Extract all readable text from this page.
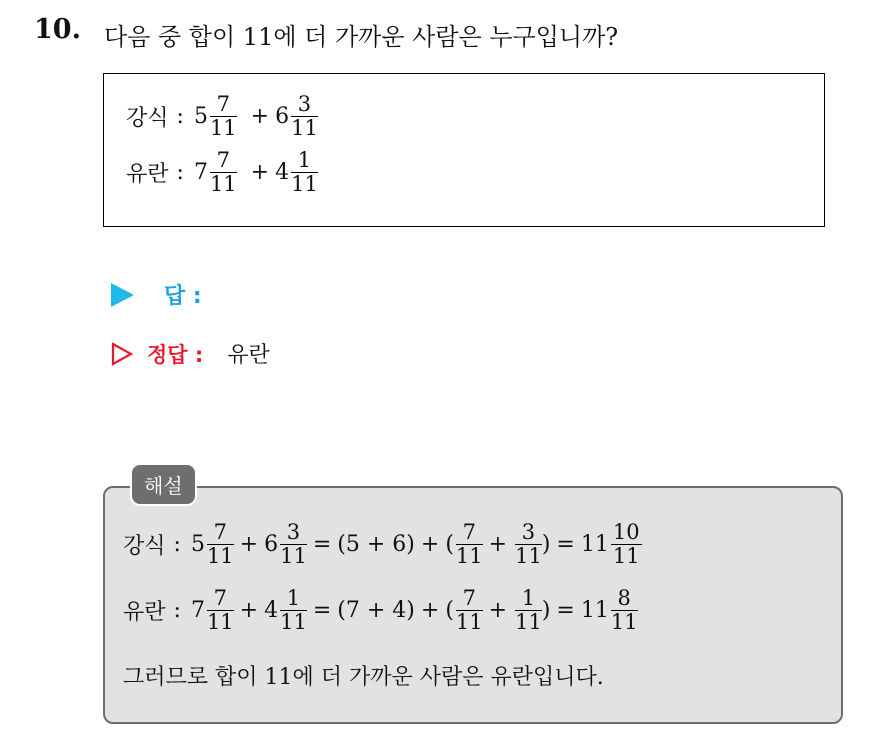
10. 다음 중 합이 11에 더 가까운 사람은 누구입니까?
강식 : $5 \frac{7}{11} + 6 \frac{3}{11}$
유란 : $7 \frac{7}{11} + 4 \frac{1}{11}$
답 :
정답 : 유란
강식 : $5 \frac{7}{11} + 6 \frac{3}{11} = (5 + 6)$ + ( $\frac{7}{11} + \frac{3}{11}$ ) = $11 \frac{10}{11}$
유란 : $7 \frac{7}{11} + 4 \frac{1}{11} = (7 + 4)$ + ( $\frac{7}{11} + \frac{1}{11}$ ) = $11 \frac{8}{11}$
그러므로 합이 11에 더 가까운 사람은 유란입니다.
해설
